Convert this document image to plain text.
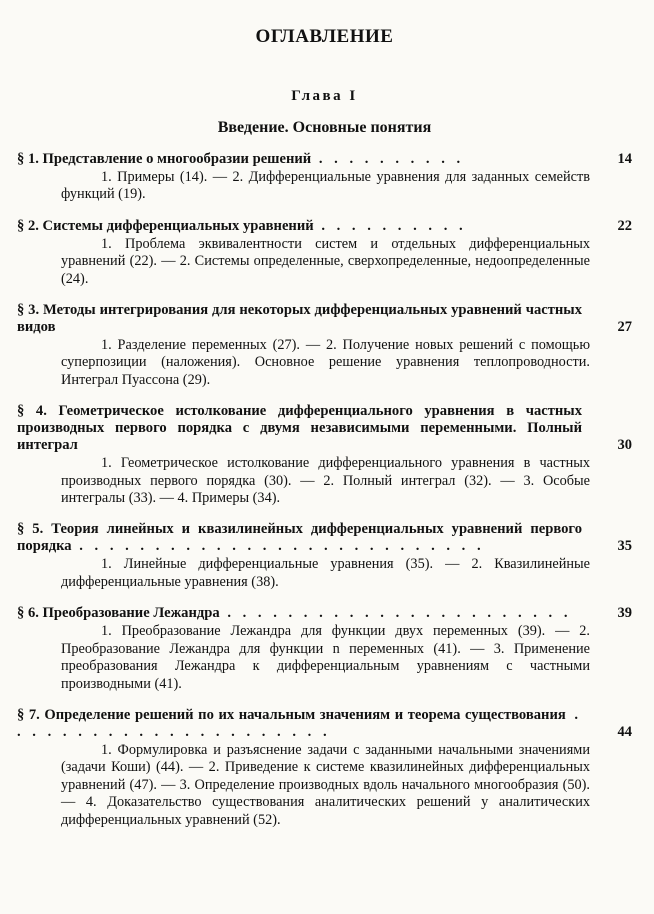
ОГЛАВЛЕНИЕ
Глава I
Введение. Основные понятия
§ 1. Представление о многообразии решений . . . . . . . . . .	14
1. Примеры (14). — 2. Дифференциальные уравнения для заданных семейств функций (19).
§ 2. Системы дифференциальных уравнений . . . . . . . . . .	22
1. Проблема эквивалентности систем и отдельных дифференциальных уравнений (22). — 2. Системы определенные, сверхопределенные, недоопределенные (24).
§ 3. Методы интегрирования для некоторых дифференциальных уравнений частных видов	27
1. Разделение переменных (27). — 2. Получение новых решений с помощью суперпозиции (наложения). Основное решение уравнения теплопроводности. Интеграл Пуассона (29).
§ 4. Геометрическое истолкование дифференциального уравнения в частных производных первого порядка с двумя независимыми переменными. Полный интеграл	30
1. Геометрическое истолкование дифференциального уравнения в частных производных первого порядка (30). — 2. Полный интеграл (32). — 3. Особые интегралы (33). — 4. Примеры (34).
§ 5. Теория линейных и квазилинейных дифференциальных уравнений первого порядка . . . . . . . . . . . . . . . . . . . . . . . . . . .	35
1. Линейные дифференциальные уравнения (35). — 2. Квазилинейные дифференциальные уравнения (38).
§ 6. Преобразование Лежандра . . . . . . . . . . . . . . . . . . . . . . .	39
1. Преобразование Лежандра для функции двух переменных (39). — 2. Преобразование Лежандра для функции n переменных (41). — 3. Применение преобразования Лежандра к дифференциальным уравнениям с частными производными (41).
§ 7. Определение решений по их начальным значениям и теорема существования . . . . . . . . . . . . . . . . . . . . . .	44
1. Формулировка и разъяснение задачи с заданными начальными значениями (задачи Коши) (44). — 2. Приведение к системе квазилинейных дифференциальных уравнений (47). — 3. Определение производных вдоль начального многообразия (50). — 4. Доказательство существования аналитических решений у аналитических дифференциальных уравнений (52).
